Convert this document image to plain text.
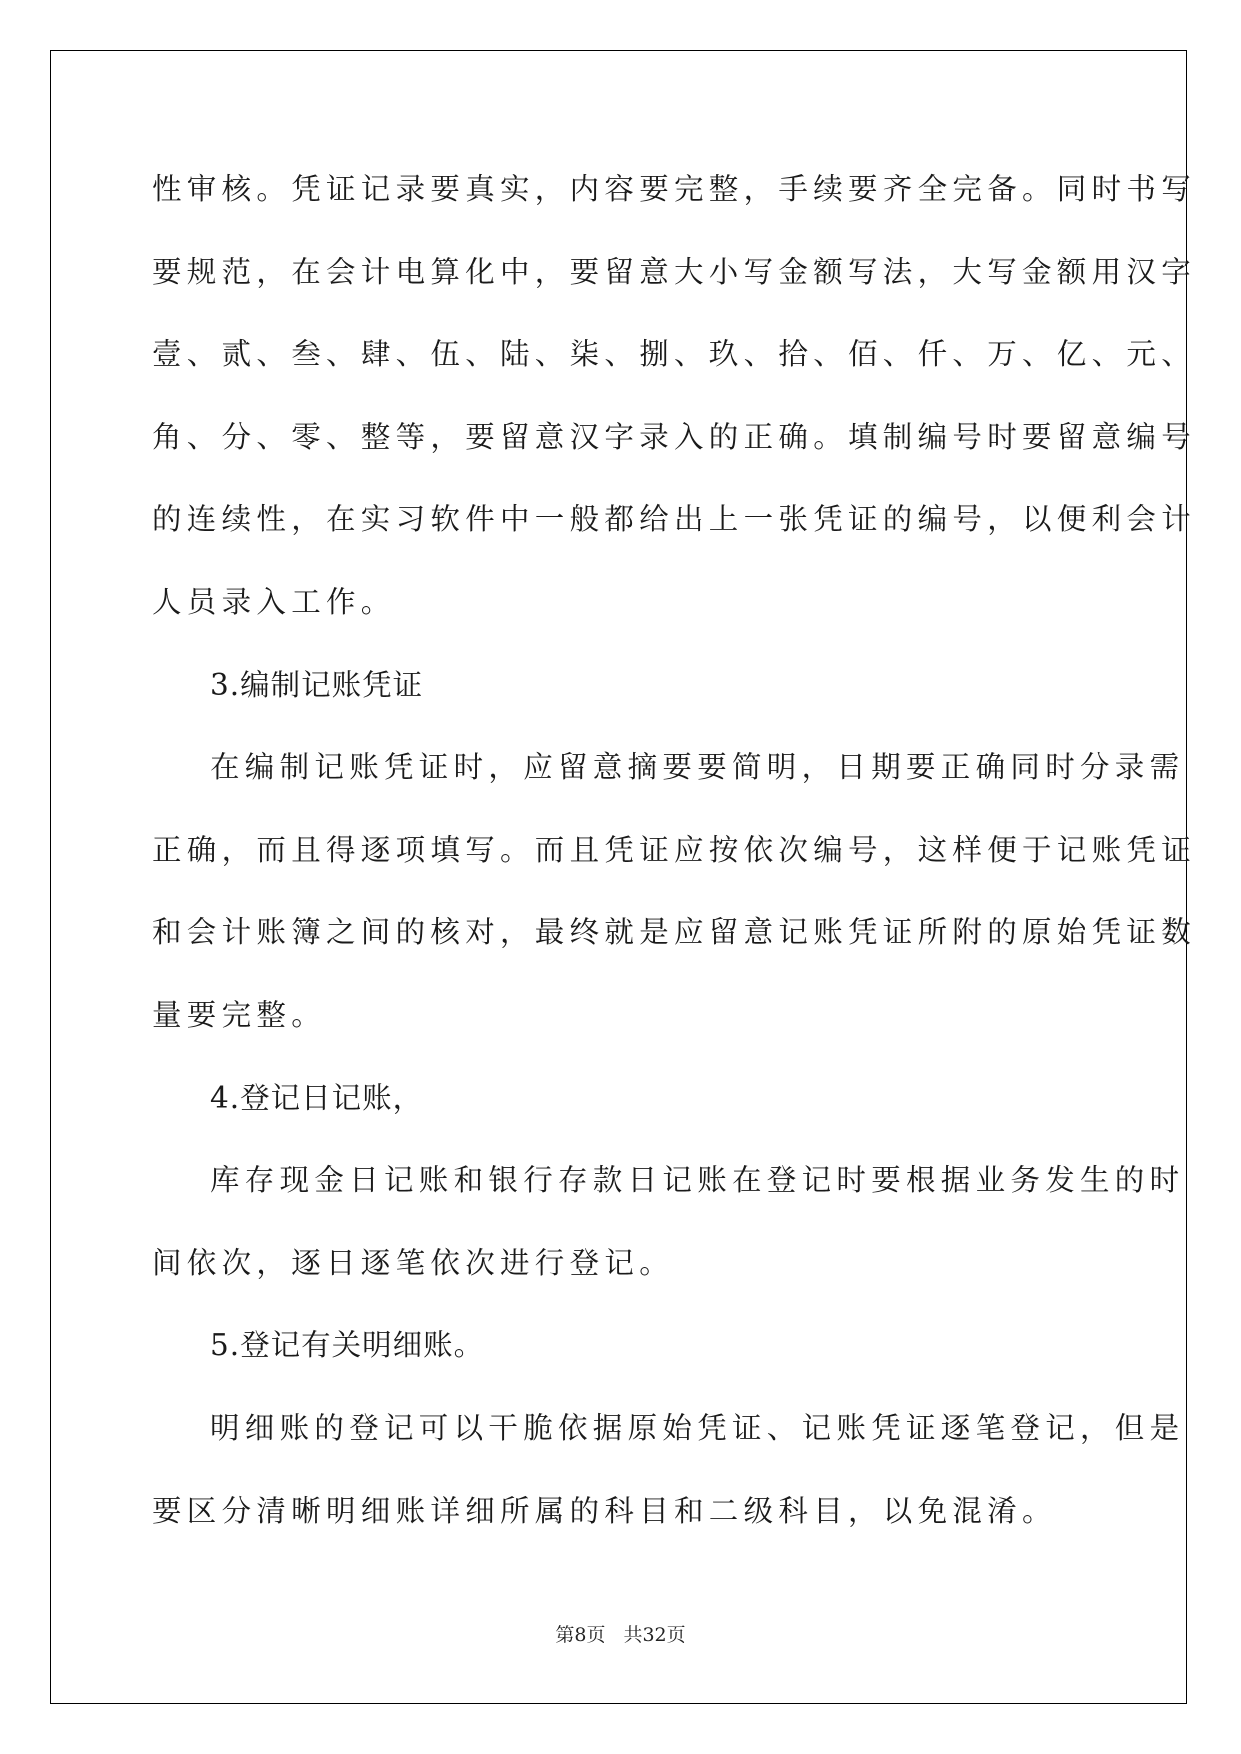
性审核。凭证记录要真实，内容要完整，手续要齐全完备。同时书写
要规范，在会计电算化中，要留意大小写金额写法，大写金额用汉字
壹、贰、叁、肆、伍、陆、柒、捌、玖、拾、佰、仟、万、亿、元、
角、分、零、整等，要留意汉字录入的正确。填制编号时要留意编号
的连续性，在实习软件中一般都给出上一张凭证的编号，以便利会计
人员录入工作。
3.编制记账凭证
在编制记账凭证时，应留意摘要要简明，日期要正确同时分录需
正确，而且得逐项填写。而且凭证应按依次编号，这样便于记账凭证
和会计账簿之间的核对，最终就是应留意记账凭证所附的原始凭证数
量要完整。
4.登记日记账，
库存现金日记账和银行存款日记账在登记时要根据业务发生的时
间依次，逐日逐笔依次进行登记。
5.登记有关明细账。
明细账的登记可以干脆依据原始凭证、记账凭证逐笔登记，但是
要区分清晰明细账详细所属的科目和二级科目，以免混淆。
第8页 共32页
